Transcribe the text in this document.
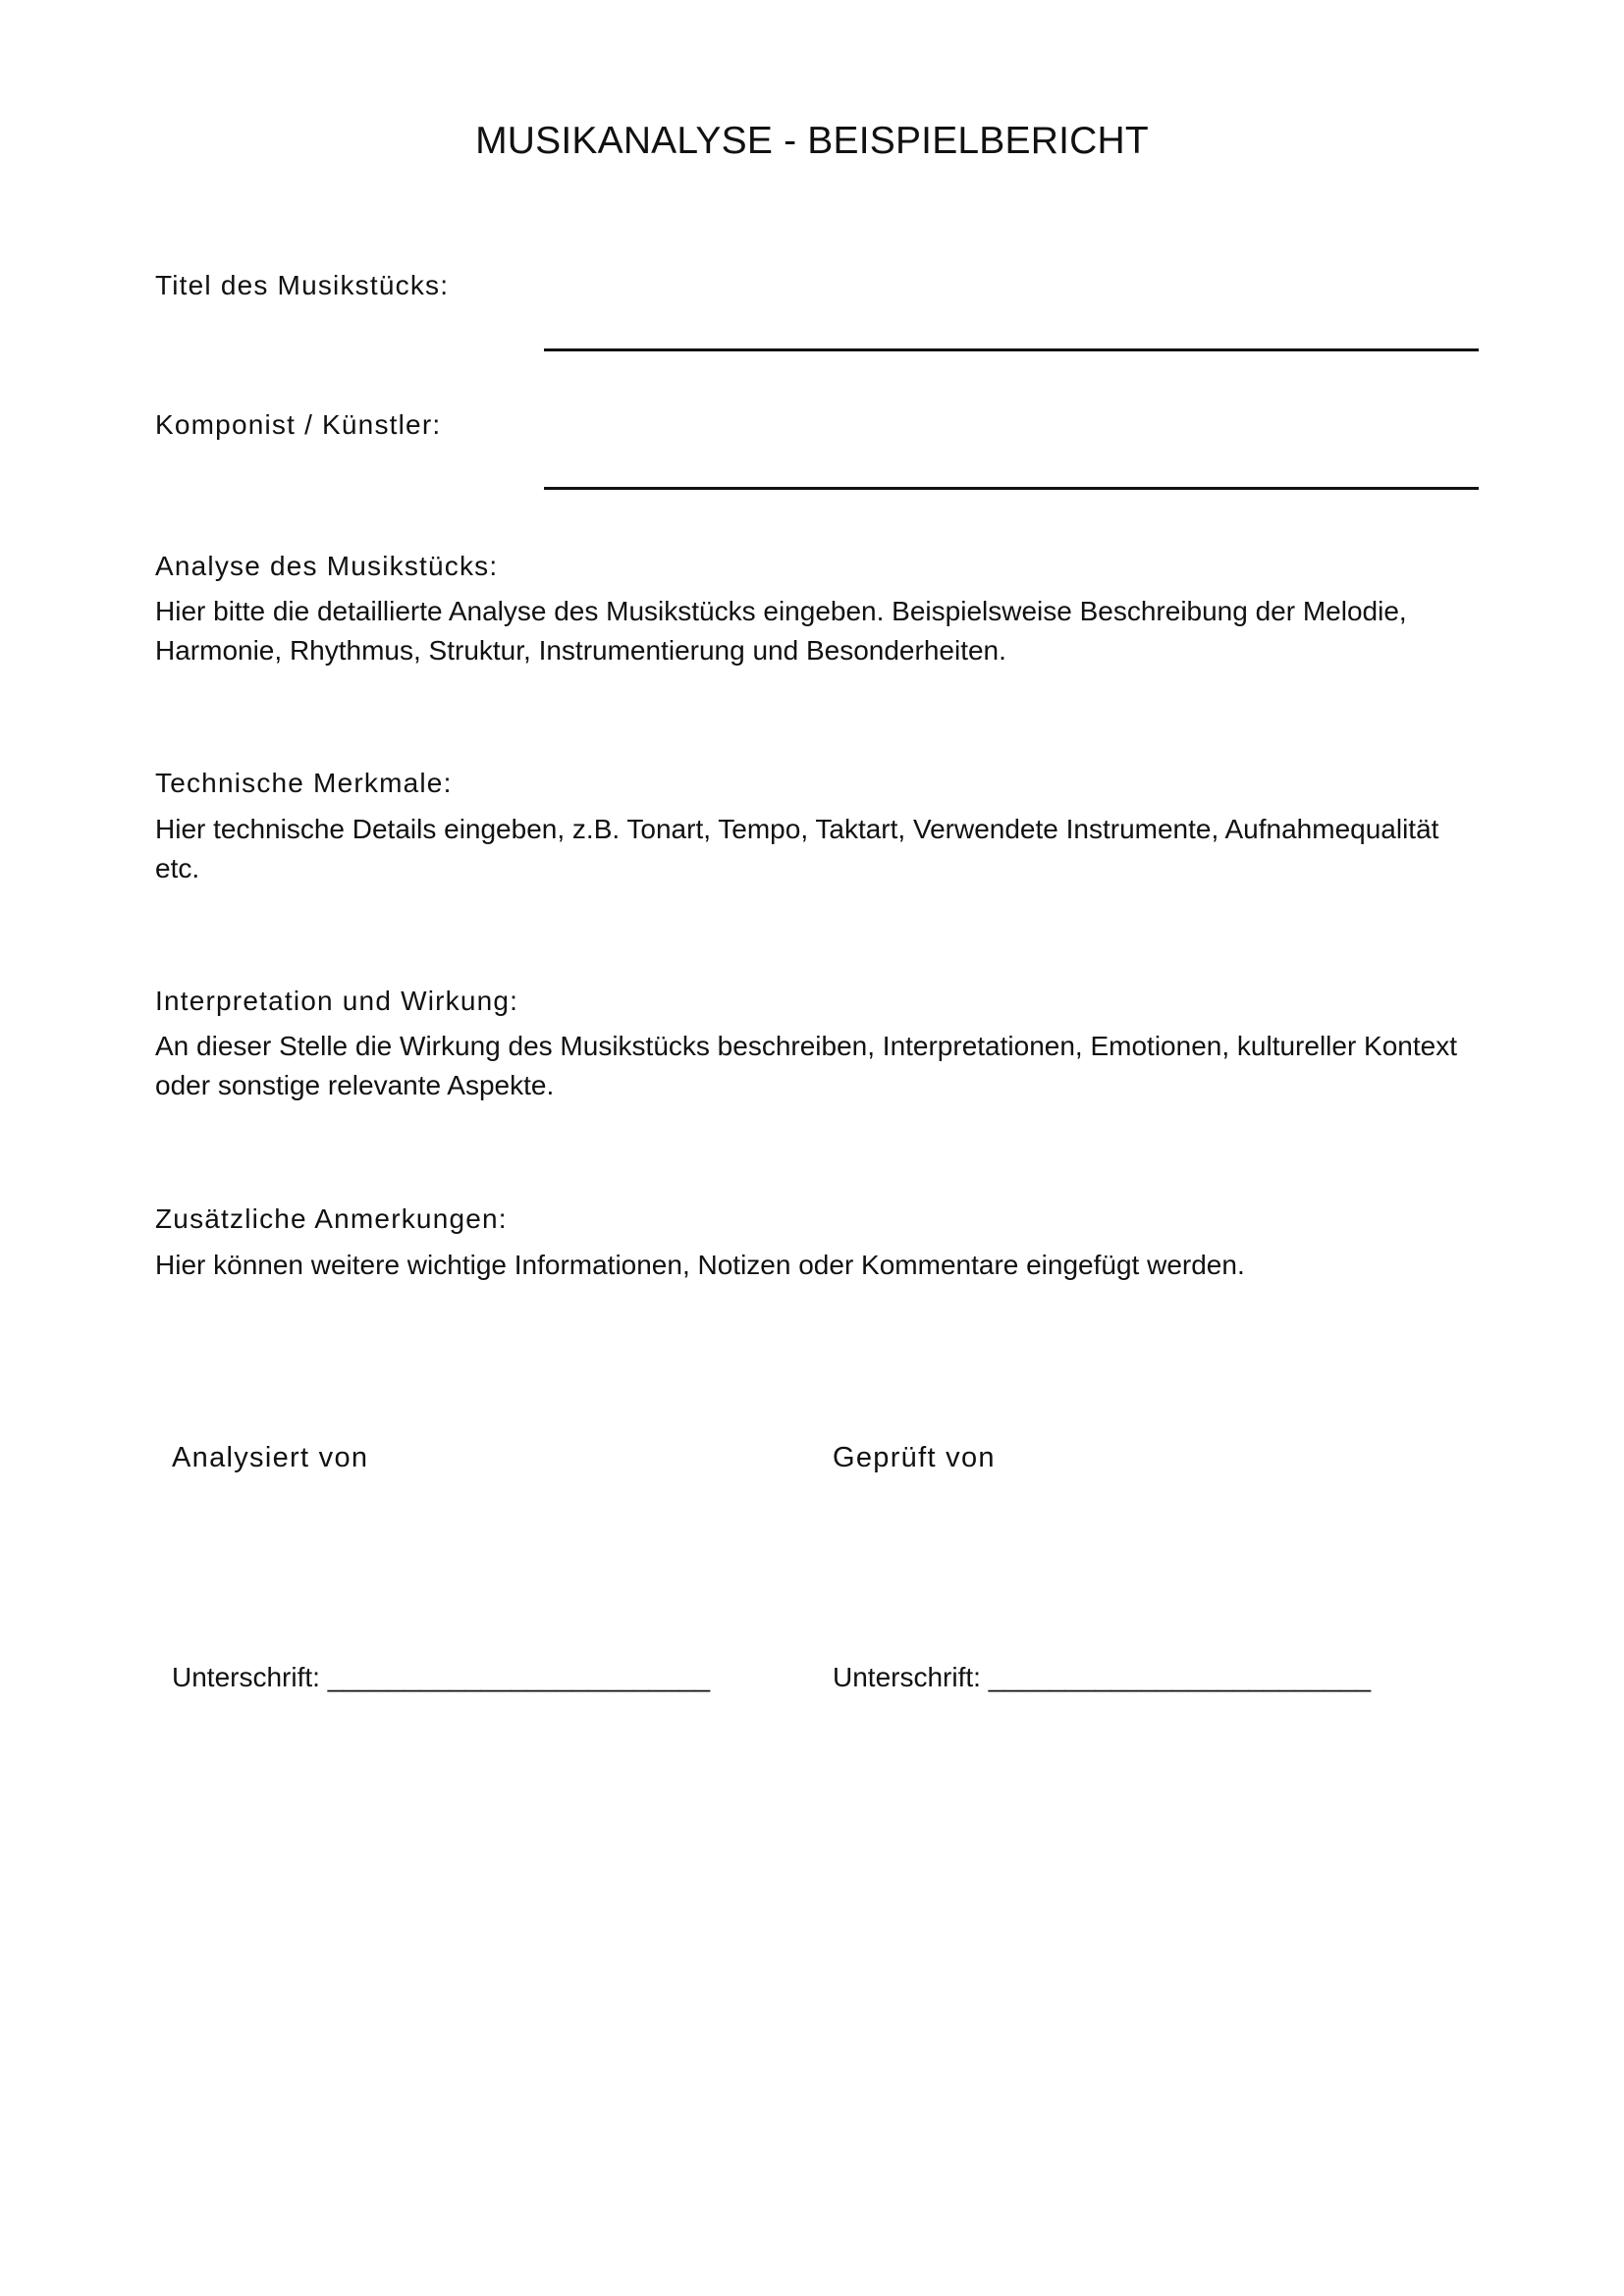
MUSIKANALYSE - BEISPIELBERICHT
Titel des Musikstücks:
Komponist / Künstler:
Analyse des Musikstücks:
Hier bitte die detaillierte Analyse des Musikstücks eingeben. Beispielsweise Beschreibung der Melodie, Harmonie, Rhythmus, Struktur, Instrumentierung und Besonderheiten.
Technische Merkmale:
Hier technische Details eingeben, z.B. Tonart, Tempo, Taktart, Verwendete Instrumente, Aufnahmequalität etc.
Interpretation und Wirkung:
An dieser Stelle die Wirkung des Musikstücks beschreiben, Interpretationen, Emotionen, kultureller Kontext oder sonstige relevante Aspekte.
Zusätzliche Anmerkungen:
Hier können weitere wichtige Informationen, Notizen oder Kommentare eingefügt werden.
Analysiert von	Geprüft von
Unterschrift: _________________________	Unterschrift: _________________________
